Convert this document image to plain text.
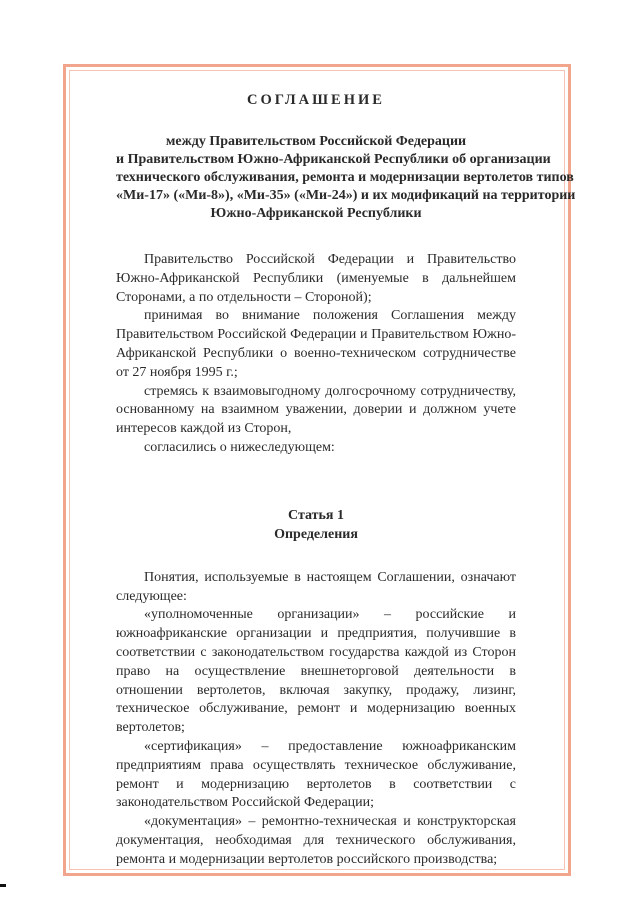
СОГЛАШЕНИЕ
между Правительством Российской Федерации
и Правительством Южно-Африканской Республики об организации
технического обслуживания, ремонта и модернизации вертолетов типов
«Ми-17» («Ми-8»), «Ми-35» («Ми-24») и их модификаций на территории
Южно-Африканской Республики

Правительство Российской Федерации и Правительство Южно-Африканской Республики (именуемые в дальнейшем Сторонами, а по отдельности – Стороной);

принимая во внимание положения Соглашения между Правительством Российской Федерации и Правительством Южно-Африканской Республики о военно-техническом сотрудничестве от 27 ноября 1995 г.;

стремясь к взаимовыгодному долгосрочному сотрудничеству, основанному на взаимном уважении, доверии и должном учете интересов каждой из Сторон,

согласились о нижеследующем:

Статья 1
Определения

Понятия, используемые в настоящем Соглашении, означают следующее:

«уполномоченные организации» – российские и южноафриканские организации и предприятия, получившие в соответствии с законодательством государства каждой из Сторон право на осуществление внешнеторговой деятельности в отношении вертолетов, включая закупку, продажу, лизинг, техническое обслуживание, ремонт и модернизацию военных вертолетов;

«сертификация» – предоставление южноафриканским предприятиям права осуществлять техническое обслуживание, ремонт и модернизацию вертолетов в соответствии с законодательством Российской Федерации;

«документация» – ремонтно-техническая и конструкторская документация, необходимая для технического обслуживания, ремонта и модернизации вертолетов российского производства;
